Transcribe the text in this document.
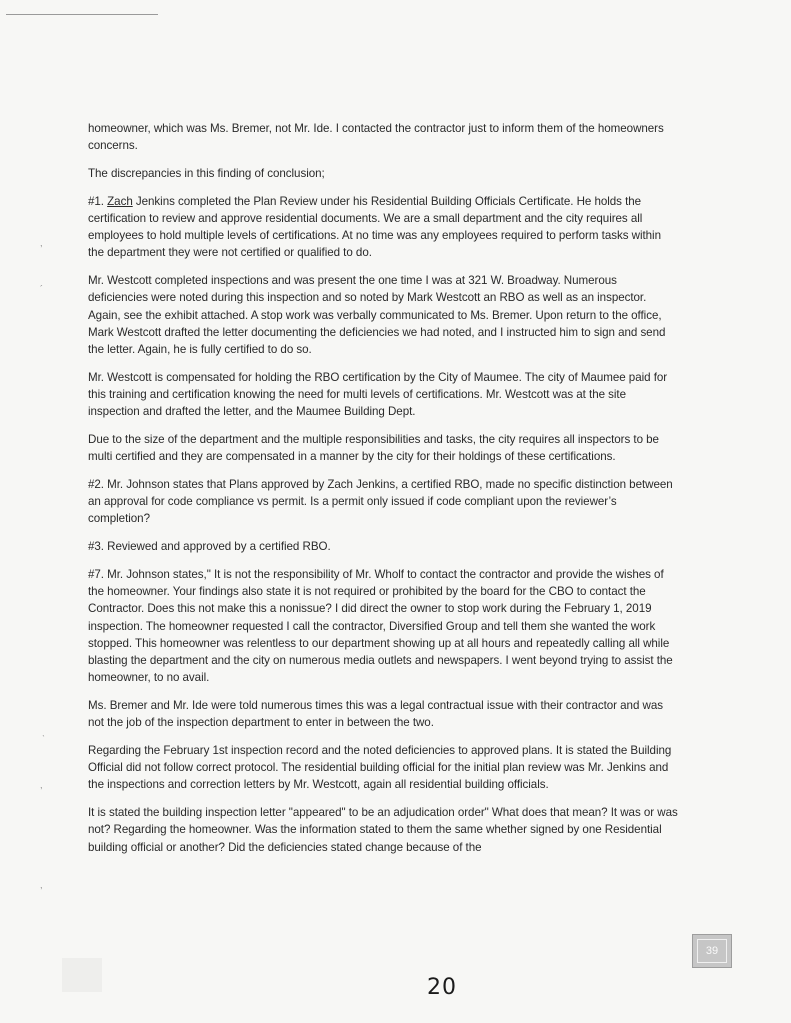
,
´
ˋ
,
,

homeowner, which was Ms. Bremer, not Mr. Ide. I contacted the contractor just to inform them of the homeowners concerns.

The discrepancies in this finding of conclusion;

#1. Zach Jenkins completed the Plan Review under his Residential Building Officials Certificate. He holds the certification to review and approve residential documents. We are a small department and the city requires all employees to hold multiple levels of certifications. At no time was any employees required to perform tasks within the department they were not certified or qualified to do.

Mr. Westcott completed inspections and was present the one time I was at 321 W. Broadway. Numerous deficiencies were noted during this inspection and so noted by Mark Westcott an RBO as well as an inspector. Again, see the exhibit attached. A stop work was verbally communicated to Ms. Bremer. Upon return to the office, Mark Westcott drafted the letter documenting the deficiencies we had noted, and I instructed him to sign and send the letter. Again, he is fully certified to do so.

Mr. Westcott is compensated for holding the RBO certification by the City of Maumee. The city of Maumee paid for this training and certification knowing the need for multi levels of certifications. Mr. Westcott was at the site inspection and drafted the letter, and the Maumee Building Dept.

Due to the size of the department and the multiple responsibilities and tasks, the city requires all inspectors to be multi certified and they are compensated in a manner by the city for their holdings of these certifications.

#2. Mr. Johnson states that Plans approved by Zach Jenkins, a certified RBO, made no specific distinction between an approval for code compliance vs permit. Is a permit only issued if code compliant upon the reviewer’s completion?

#3. Reviewed and approved by a certified RBO.

#7. Mr. Johnson states," It is not the responsibility of Mr. Wholf to contact the contractor and provide the wishes of the homeowner. Your findings also state it is not required or prohibited by the board for the CBO to contact the Contractor. Does this not make this a nonissue? I did direct the owner to stop work during the February 1, 2019 inspection. The homeowner requested I call the contractor, Diversified Group and tell them she wanted the work stopped. This homeowner was relentless to our department showing up at all hours and repeatedly calling all while blasting the department and the city on numerous media outlets and newspapers. I went beyond trying to assist the homeowner, to no avail.

Ms. Bremer and Mr. Ide were told numerous times this was a legal contractual issue with their contractor and was not the job of the inspection department to enter in between the two.

Regarding the February 1st inspection record and the noted deficiencies to approved plans. It is stated the Building Official did not follow correct protocol. The residential building official for the initial plan review was Mr. Jenkins and the inspections and correction letters by Mr. Westcott, again all residential building officials.

It is stated the building inspection letter "appeared" to be an adjudication order" What does that mean? It was or was not? Regarding the homeowner. Was the information stated to them the same whether signed by one Residential building official or another? Did the deficiencies stated change because of the

39
20
